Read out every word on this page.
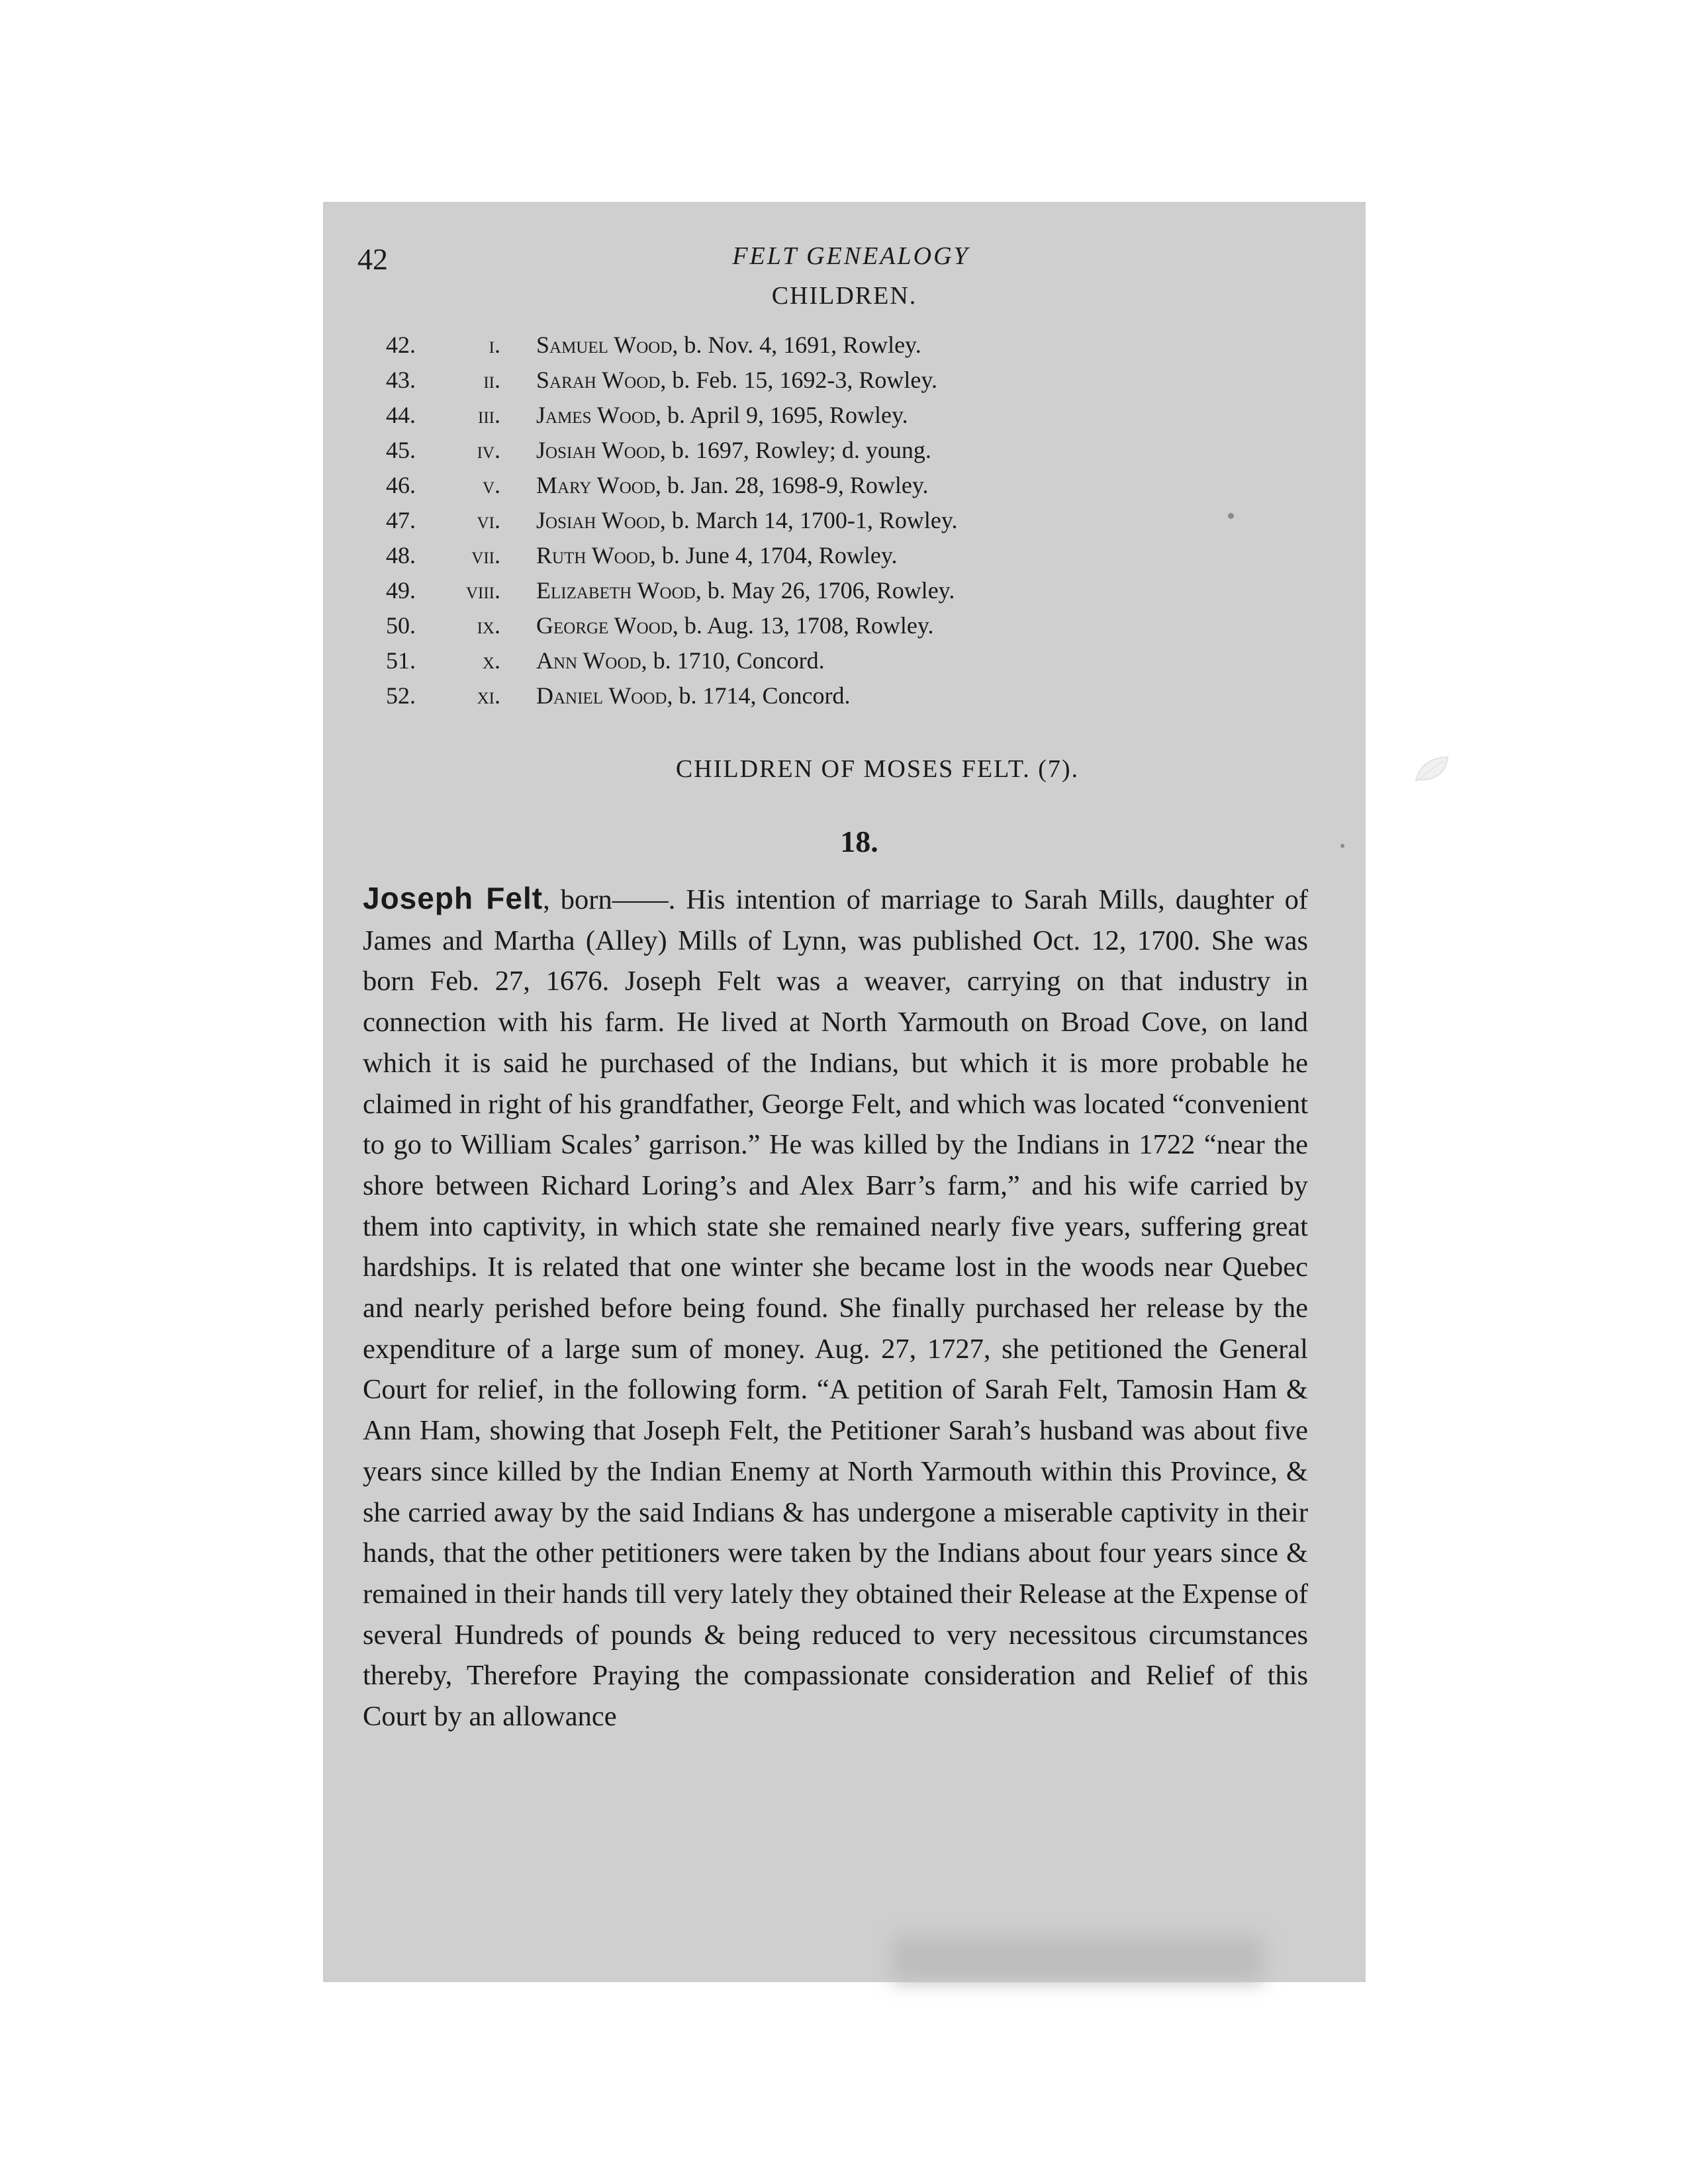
42	FELT GENEALOGY
CHILDREN.
42.	i. Samuel Wood, b. Nov. 4, 1691, Rowley.
43.	ii. Sarah Wood, b. Feb. 15, 1692-3, Rowley.
44.	iii. James Wood, b. April 9, 1695, Rowley.
45.	iv. Josiah Wood, b. 1697, Rowley; d. young.
46.	v. Mary Wood, b. Jan. 28, 1698-9, Rowley.
47.	vi. Josiah Wood, b. March 14, 1700-1, Rowley.
48.	vii. Ruth Wood, b. June 4, 1704, Rowley.
49.	viii. Elizabeth Wood, b. May 26, 1706, Rowley.
50.	ix. George Wood, b. Aug. 13, 1708, Rowley.
51.	x. Ann Wood, b. 1710, Concord.
52.	xi. Daniel Wood, b. 1714, Concord.
CHILDREN OF MOSES FELT. (7).
18.
Joseph Felt, born——. His intention of marriage to Sarah Mills, daughter of James and Martha (Alley) Mills of Lynn, was published Oct. 12, 1700. She was born Feb. 27, 1676. Joseph Felt was a weaver, carrying on that industry in connection with his farm. He lived at North Yarmouth on Broad Cove, on land which it is said he purchased of the Indians, but which it is more probable he claimed in right of his grandfather, George Felt, and which was located “convenient to go to William Scales’ garrison.” He was killed by the Indians in 1722 “near the shore between Richard Loring’s and Alex Barr’s farm,” and his wife carried by them into captivity, in which state she remained nearly five years, suffering great hardships. It is related that one winter she became lost in the woods near Quebec and nearly perished before being found. She finally purchased her release by the expenditure of a large sum of money. Aug. 27, 1727, she petitioned the General Court for relief, in the following form. “A petition of Sarah Felt, Tamosin Ham & Ann Ham, showing that Joseph Felt, the Petitioner Sarah’s husband was about five years since killed by the Indian Enemy at North Yarmouth within this Province, & she carried away by the said Indians & has undergone a miserable captivity in their hands, that the other petitioners were taken by the Indians about four years since & remained in their hands till very lately they obtained their Release at the Expense of several Hundreds of pounds & being reduced to very necessitous circumstances thereby, Therefore Praying the compassionate consideration and Relief of this Court by an allowance
